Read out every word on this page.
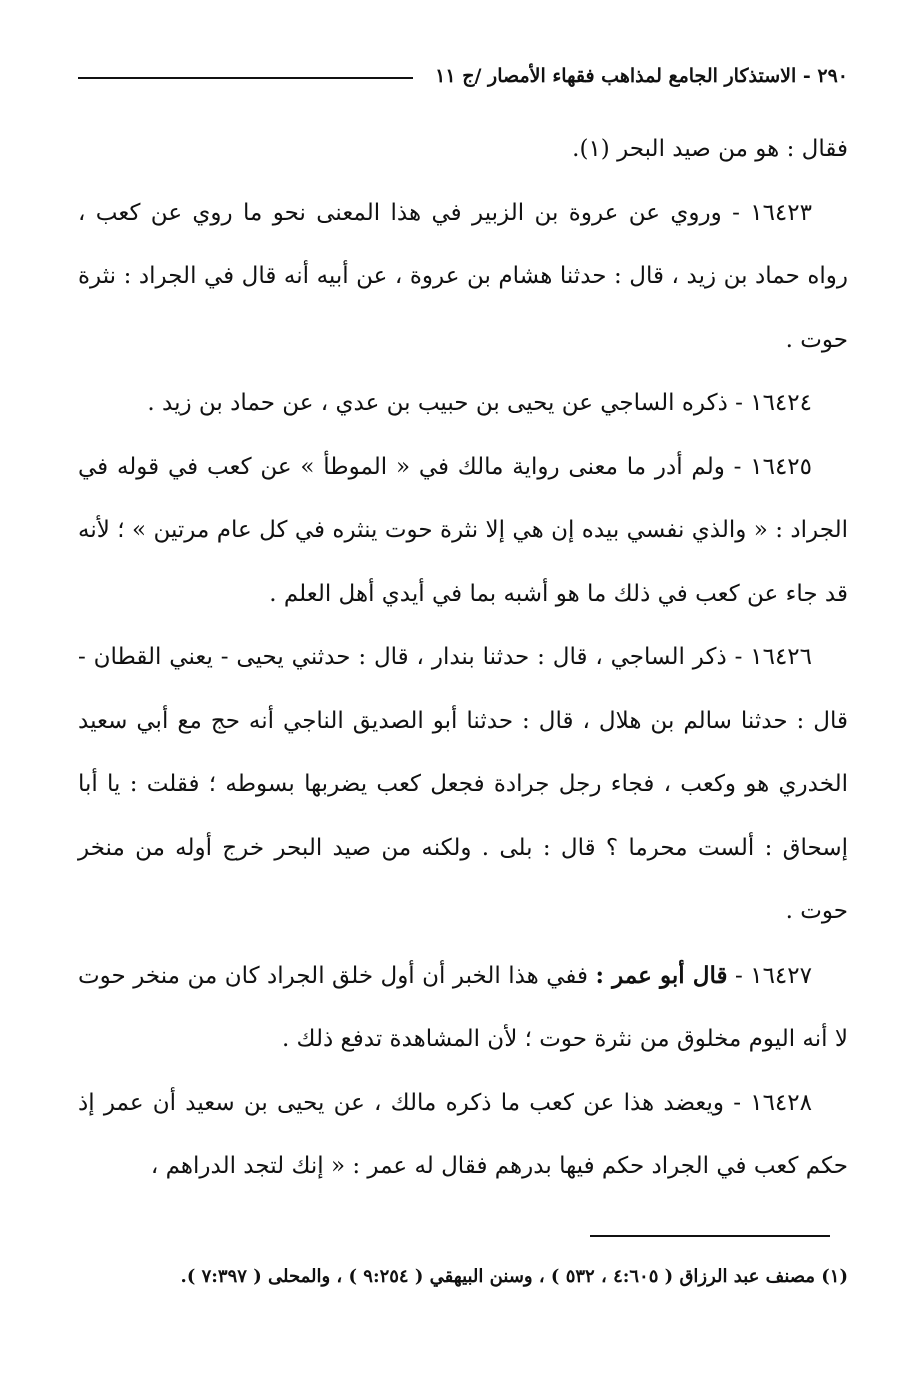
٢٩٠ - الاستذكار الجامع لمذاهب فقهاء الأمصار /ج ١١

فقال : هو من صيد البحر (١).

١٦٤٢٣ - وروي عن عروة بن الزبير في هذا المعنى نحو ما روي عن كعب ، رواه حماد بن زيد ، قال : حدثنا هشام بن عروة ، عن أبيه أنه قال في الجراد : نثرة حوت .

١٦٤٢٤ - ذكره الساجي عن يحيى بن حبيب بن عدي ، عن حماد بن زيد .

١٦٤٢٥ - ولم أدر ما معنى رواية مالك في « الموطأ » عن كعب في قوله في الجراد : « والذي نفسي بيده إن هي إلا نثرة حوت ينثره في كل عام مرتين » ؛ لأنه قد جاء عن كعب في ذلك ما هو أشبه بما في أيدي أهل العلم .

١٦٤٢٦ - ذكر الساجي ، قال : حدثنا بندار ، قال : حدثني يحيى - يعني القطان - قال : حدثنا سالم بن هلال ، قال : حدثنا أبو الصديق الناجي أنه حج مع أبي سعيد الخدري هو وكعب ، فجاء رجل جرادة فجعل كعب يضربها بسوطه ؛ فقلت : يا أبا إسحاق : ألست محرما ؟ قال : بلى . ولكنه من صيد البحر خرج أوله من منخر حوت .

١٦٤٢٧ - قال أبو عمر : ففي هذا الخبر أن أول خلق الجراد كان من منخر حوت لا أنه اليوم مخلوق من نثرة حوت ؛ لأن المشاهدة تدفع ذلك .

١٦٤٢٨ - ويعضد هذا عن كعب ما ذكره مالك ، عن يحيى بن سعيد أن عمر إذ حكم كعب في الجراد حكم فيها بدرهم فقال له عمر : « إنك لتجد الدراهم ،

(١) مصنف عبد الرزاق ( ٤:٦٠٥ ، ٥٣٢ ) ، وسنن البيهقي ( ٩:٢٥٤ ) ، والمحلى ( ٧:٣٩٧ ).
